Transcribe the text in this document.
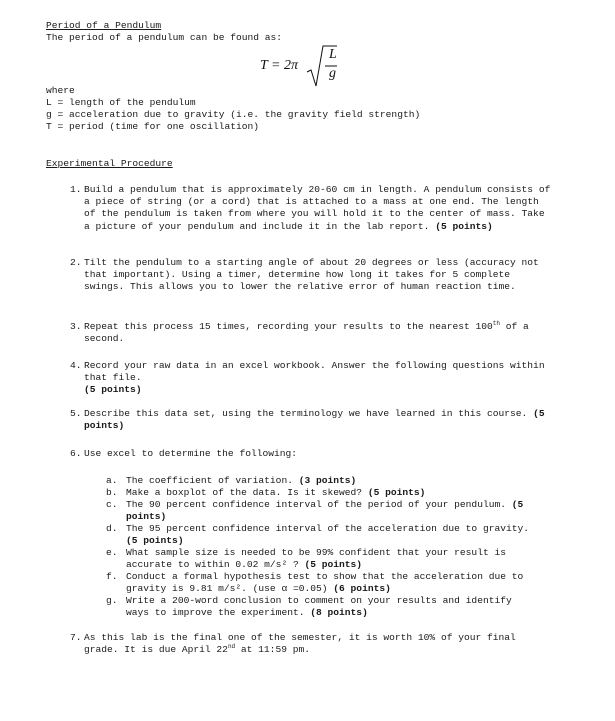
Period of a Pendulum
The period of a pendulum can be found as:
T = 2π
L
g
where
L = length of the pendulum
g = acceleration due to gravity (i.e. the gravity field strength)
T = period (time for one oscillation)
Experimental Procedure
1. Build a pendulum that is approximately 20-60 cm in length. A pendulum consists of a piece of string (or a cord) that is attached to a mass at one end. The length of the pendulum is taken from where you will hold it to the center of mass. Take a picture of your pendulum and include it in the lab report. (5 points)
2. Tilt the pendulum to a starting angle of about 20 degrees or less (accuracy not that important). Using a timer, determine how long it takes for 5 complete swings. This allows you to lower the relative error of human reaction time.
3. Repeat this process 15 times, recording your results to the nearest 100th of a second.
4. Record your raw data in an excel workbook. Answer the following questions within that file.
(5 points)
5. Describe this data set, using the terminology we have learned in this course. (5 points)
6. Use excel to determine the following:
a. The coefficient of variation. (3 points)
b. Make a boxplot of the data. Is it skewed? (5 points)
c. The 90 percent confidence interval of the period of your pendulum. (5 points)
d. The 95 percent confidence interval of the acceleration due to gravity. (5 points)
e. What sample size is needed to be 99% confident that your result is accurate to within 0.02 m/s² ? (5 points)
f. Conduct a formal hypothesis test to show that the acceleration due to gravity is 9.81 m/s². (use α =0.05) (6 points)
g. Write a 200-word conclusion to comment on your results and identify ways to improve the experiment. (8 points)
7. As this lab is the final one of the semester, it is worth 10% of your final grade. It is due April 22nd at 11:59 pm.
